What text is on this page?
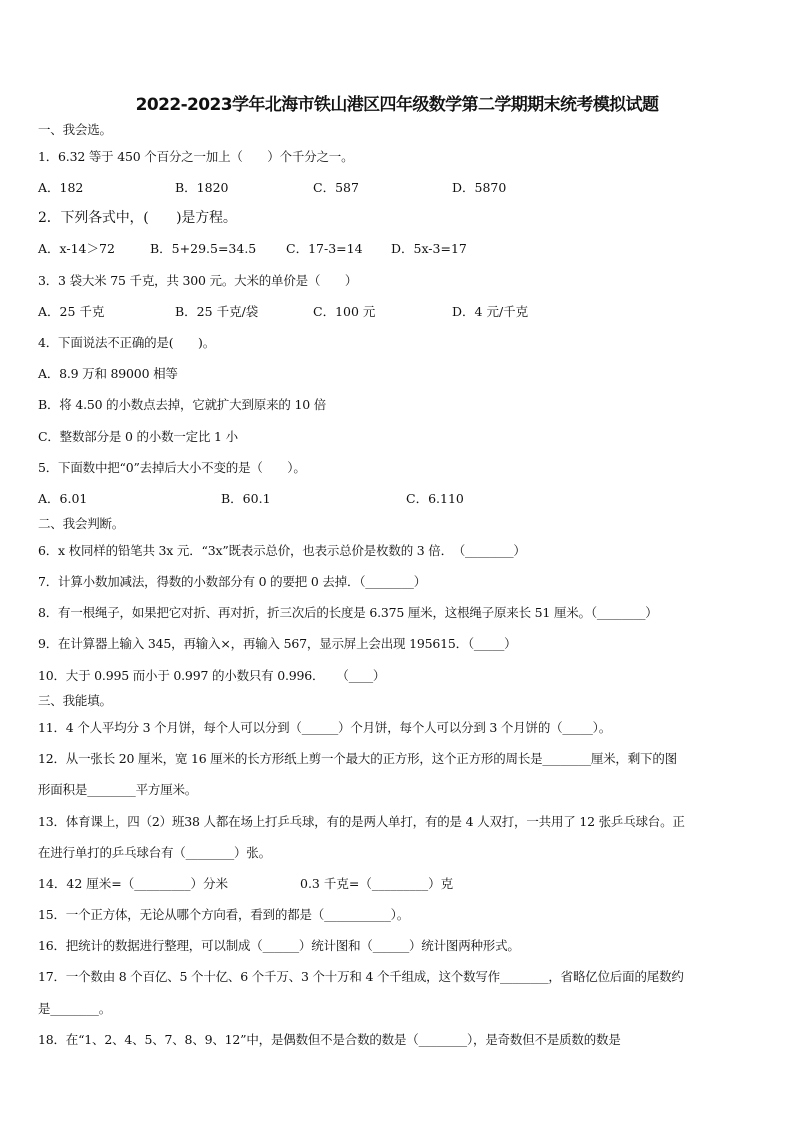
2022-2023学年北海市铁山港区四年级数学第二学期期末统考模拟试题
一、我会选。
1．6.32 等于 450 个百分之一加上（　　）个千分之一。
A．182	B．1820	C．587	D．5870
2．下列各式中，(　　)是方程。
A．x-14＞72	B．5+29.5=34.5 C．17-3=14 D．5x-3=17
3．3 袋大米 75 千克，共 300 元。大米的单价是（　　）
A．25 千克	B．25 千克/袋	C．100 元	D．4 元/千克
4．下面说法不正确的是(　　)。
A．8.9 万和 89000 相等
B．将 4.50 的小数点去掉，它就扩大到原来的 10 倍
C．整数部分是 0 的小数一定比 1 小
5．下面数中把“0”去掉后大小不变的是（　　）。
A．6.01	B．60.1	C．6.110
二、我会判断。
6．x 枚同样的铅笔共 3x 元．“3x”既表示总价，也表示总价是枚数的 3 倍．　（________）
7．计算小数加减法，得数的小数部分有 0 的要把 0 去掉．（________）
8．有一根绳子，如果把它对折、再对折，折三次后的长度是 6.375 厘米，这根绳子原来长 51 厘米。（________）
9．在计算器上输入 345，再输入×，再输入 567，显示屏上会出现 195615．（_____）
10．大于 0.995 而小于 0.997 的小数只有 0.996．　　（____）
三、我能填。
11．4 个人平均分 3 个月饼，每个人可以分到（______）个月饼，每个人可以分到 3 个月饼的（_____）。
12．从一张长 20 厘米，宽 16 厘米的长方形纸上剪一个最大的正方形，这个正方形的周长是________厘米，剩下的图
形面积是________平方厘米。
13．体育课上，四（2）班38 人都在场上打乒乓球，有的是两人单打，有的是 4 人双打，一共用了 12 张乒乓球台。正
在进行单打的乒乓球台有（________）张。
14．42 厘米=（_________）分米	0.3 千克=（_________）克
15．一个正方体，无论从哪个方向看，看到的都是（___________）。
16．把统计的数据进行整理，可以制成（______）统计图和（______）统计图两种形式。
17．一个数由 8 个百亿、5 个十亿、6 个千万、3 个十万和 4 个千组成，这个数写作________，省略亿位后面的尾数约
是________。
18．在“1、2、4、5、7、8、9、12”中，是偶数但不是合数的数是（________），是奇数但不是质数的数是
